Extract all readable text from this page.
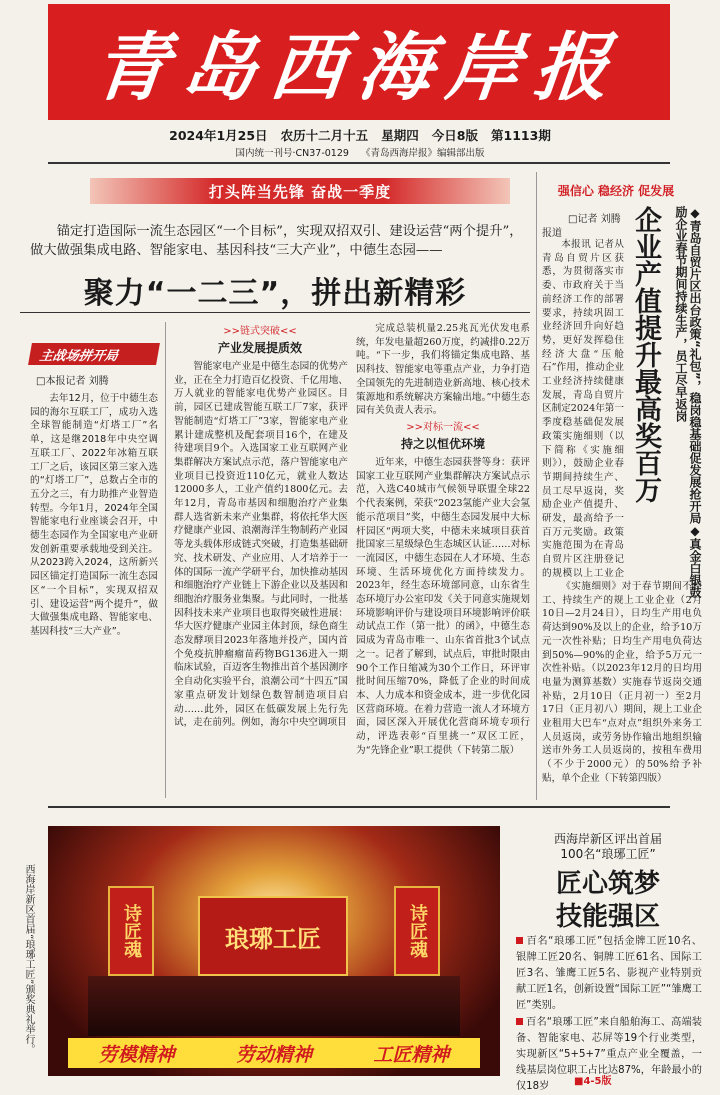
青岛西海岸报
2024年1月25日 农历十二月十五 星期四 今日8版 第1113期
国内统一刊号·CN37-0129 《青岛西海岸报》编辑部出版
打头阵当先锋 奋战一季度
锚定打造国际一流生态园区“一个目标”，实现双招双引、建设运营“两个提升”，做大做强集成电路、智能家电、基因科技“三大产业”，中德生态园——
聚力“一二三”，拼出新精彩
主战场拼开局
□本报记者 刘腾

去年12月，位于中德生态园的海尔互联工厂，成功入选全球智能制造“灯塔工厂”名单，这是继2018年中央空调互联工厂、2022年冰箱互联工厂之后，该园区第三家入选的“灯塔工厂”，总数占全市的五分之三，有力助推产业智造转型。今年1月，2024年全国智能家电行业座谈会召开，中德生态园作为全国家电产业研发创新重要承载地受到关注。从2023跨入2024，这所新兴园区锚定打造国际一流生态园区“一个目标”，实现双招双引、建设运营“两个提升”，做大做强集成电路、智能家电、基因科技“三大产业”。

>>链式突破<<
产业发展提质效

智能家电产业是中德生态园的优势产业，正在全力打造百亿投资、千亿用地、万人就业的智能家电优势产业园区。目前，园区已建成智能互联工厂7家，获评智能制造“灯塔工厂”3家，智能家电产业累计建成整机及配套项目16个，在建及待建项目9个。入选国家工业互联网产业集群解决方案试点示范，落户智能家电产业项目已投资近110亿元，就业人数达12000多人，工业产值约1800亿元。去年12月，青岛市基因和细胞治疗产业集群人选省新未来产业集群，将依托华大医疗健康产业园、浪潮海洋生物制药产业园等龙头载体形成链式突破，打造集基础研究、技术研发、产业应用、人才培养于一体的国际一流产学研平台，加快推动基因和细胞治疗产业链上下游企业以及基因和细胞治疗服务业集聚。与此同时，一批基因科技未来产业项目也取得突破性进展：华大医疗健康产业园主体封顶，绿色商生态发酵项目2023年落地并投产，国内首个免疫抗肿瘤瘤苗药物BG136进入一期临床试验，百迈客生物推出首个基因测序全自动化实验平台，浪潮公司“十四五”国家重点研发计划绿色数智制造项目启动……此外，园区在低碳发展上先行先试，走在前列。例如，海尔中央空调项目

完成总装机量2.25兆瓦光伏发电系统，年发电量超260万度，约减排0.22万吨。“下一步，我们将锚定集成电路、基因科技、智能家电等重点产业，力争打造全国领先的先进制造业新高地、核心技术策源地和系统解决方案输出地。”中德生态园有关负责人表示。

>>对标一流<<
持之以恒优环境

近年来，中德生态园获誉等身：获评国家工业互联网产业集群解决方案试点示范，入选C40城市气候领导联盟全球22个代表案例，荣获“2023氢能产业大会氢能示范项目”奖，中德生态园发展中大标杆园区“两项大奖，中德未来城项目获首批国家三星级绿色生态城区认证……对标一流园区，中德生态园在人才环境、生态环境、生活环境优化方面持续发力。2023年，经生态环境部同意，山东省生态环境厅办公室印发《关于同意实施规划环境影响评价与建设项目环境影响评价联动试点工作（第一批）的函》，中德生态园成为青岛市唯一、山东省首批3个试点之一。记者了解到，试点后，审批时限由90个工作日缩减为30个工作日，环评审批时间压缩70%，降低了企业的时间成本、人力成本和资金成本，进一步优化园区营商环境。在着力营造一流人才环境方面，园区深入开展优化营商环境专项行动，评选表彰“百里挑一”双区工匠，为“先锋企业”职工提供（下转第二版）

强信心 稳经济 促发展
企业产值提升最高奖百万	◆青岛自贸片区出台政策“礼包”，稳岗稳基础促发展抢开局◆真金白银鼓励企业春节期间持续生产，员工尽早返岗
□记者 刘腾
报道

本报讯 记者从青岛自贸片区获悉，为贯彻落实市委、市政府关于当前经济工作的部署要求，持续巩固工业经济回升向好趋势，更好发挥稳住经济大盘“压舱石”作用，推动企业工业经济持续健康发展，青岛自贸片区制定2024年第一季度稳基础促发展政策实施细则（以下简称《实施细则》），鼓励企业春节期间持续生产、员工尽早返岗，奖励企业产值提升、研发，最高给予一百万元奖励。政策实施范围为在青岛自贸片区注册登记的规模以上工业企

《实施细则》对于春节期间不停工、持续生产的规上工业企业（2月10日—2月24日），日均生产用电负荷达到90%及以上的企业，给予10万元一次性补贴；日均生产用电负荷达到50%—90%的企业，给予5万元一次性补贴。（以2023年12月的日均用电量为测算基数）实施春节返岗交通补贴，2月10日（正月初一）至2月17日（正月初八）期间，规上工业企业租用大巴车“点对点”组织外来务工人员返岗，或劳务协作输出地组织输送市外务工人员返岗的，按租车费用（不少于2000元）的50%给予补贴，单个企业（下转第四版）

西海岸新区首届“琅琊工匠”颁奖典礼举行。	诗匠魂	诗匠魂
琅琊工匠
劳模精神	劳动精神	工匠精神
西海岸新区评出首届
100名“琅琊工匠”
匠心筑梦
技能强区

百名“琅琊工匠”包括金牌工匠10名、银牌工匠20名、铜牌工匠61名、国际工匠3名、雏鹰工匠5名、影视产业特别贡献工匠1名，创新设置“国际工匠”“雏鹰工匠”类别。

百名“琅琊工匠”来自船舶海工、高端装备、智能家电、芯屏等19个行业类型，实现新区“5+5+7”重点产业全覆盖，一线基层岗位职工占比达87%，年龄最小的仅18岁	■4-5版
